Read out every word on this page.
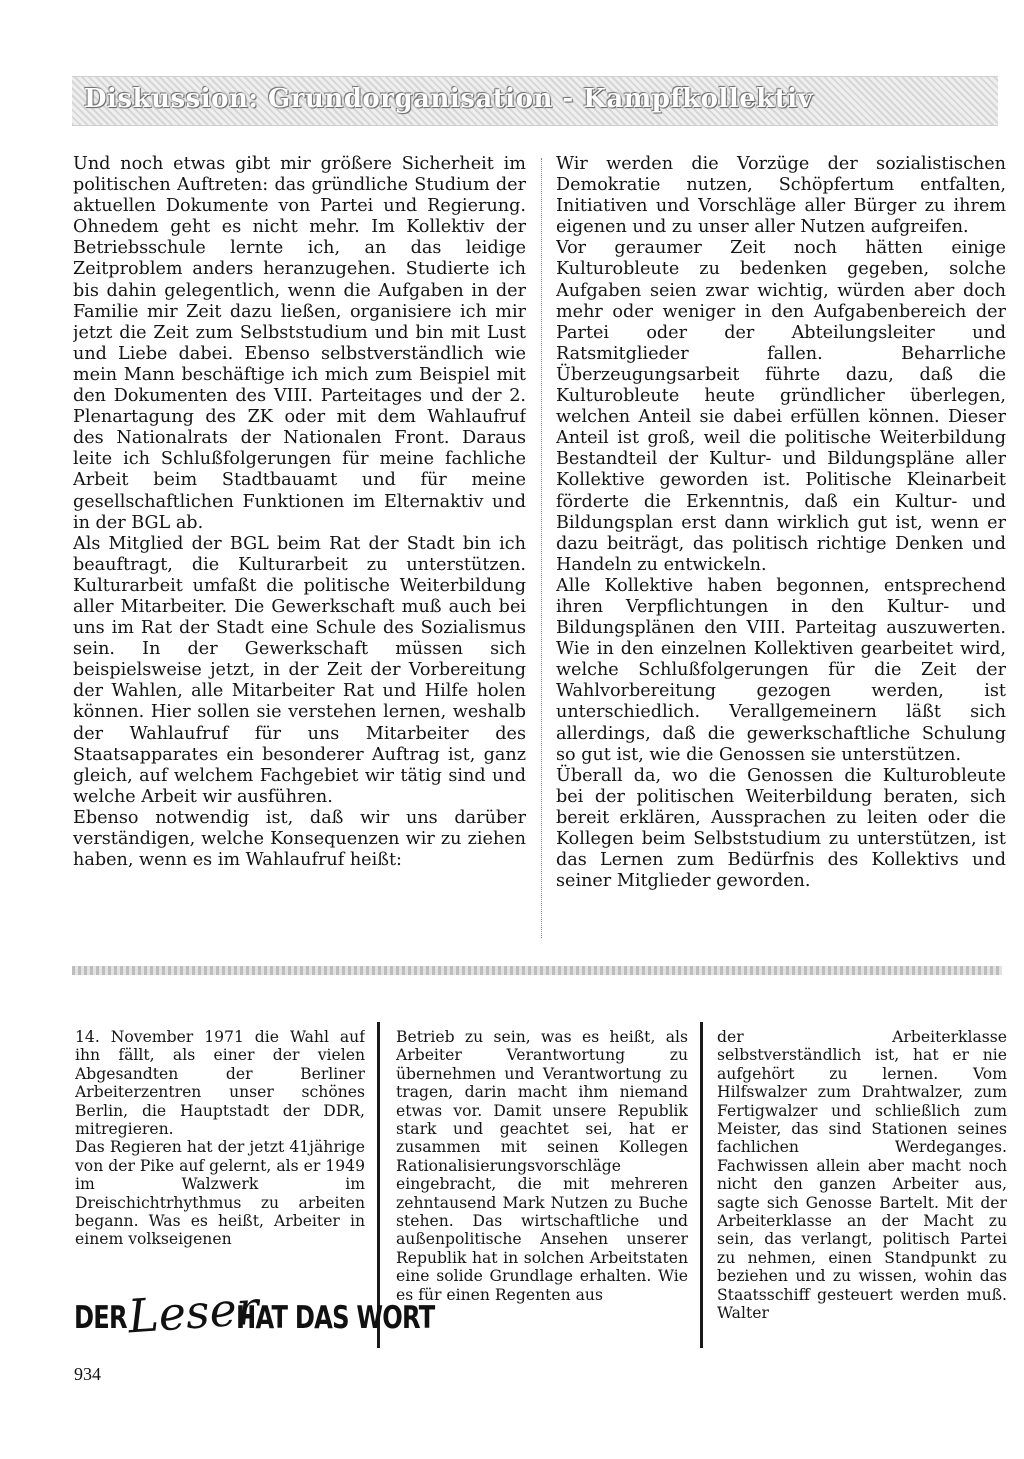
Diskussion: Grundorganisation - Kampfkollektiv

Und noch etwas gibt mir größere Sicherheit im politischen Auftreten: das gründliche Studium der aktuellen Dokumente von Partei und Regierung. Ohnedem geht es nicht mehr. Im Kollektiv der Betriebsschule lernte ich, an das leidige Zeitproblem anders heranzugehen. Studierte ich bis dahin gelegentlich, wenn die Aufgaben in der Familie mir Zeit dazu ließen, organisiere ich mir jetzt die Zeit zum Selbststudium und bin mit Lust und Liebe dabei. Ebenso selbstverständlich wie mein Mann beschäftige ich mich zum Beispiel mit den Dokumenten des VIII. Parteitages und der 2. Plenartagung des ZK oder mit dem Wahlaufruf des Nationalrats der Nationalen Front. Daraus leite ich Schlußfolgerungen für meine fachliche Arbeit beim Stadtbauamt und für meine gesellschaftlichen Funktionen im Elternaktiv und in der BGL ab.

Als Mitglied der BGL beim Rat der Stadt bin ich beauftragt, die Kulturarbeit zu unterstützen. Kulturarbeit umfaßt die politische Weiterbildung aller Mitarbeiter. Die Gewerkschaft muß auch bei uns im Rat der Stadt eine Schule des Sozialismus sein. In der Gewerkschaft müssen sich beispielsweise jetzt, in der Zeit der Vorbereitung der Wahlen, alle Mitarbeiter Rat und Hilfe holen können. Hier sollen sie verstehen lernen, weshalb der Wahlaufruf für uns Mitarbeiter des Staatsapparates ein besonderer Auftrag ist, ganz gleich, auf welchem Fachgebiet wir tätig sind und welche Arbeit wir ausführen.

Ebenso notwendig ist, daß wir uns darüber verständigen, welche Konsequenzen wir zu ziehen haben, wenn es im Wahlaufruf heißt:

Wir werden die Vorzüge der sozialistischen Demokratie nutzen, Schöpfertum entfalten, Initiativen und Vorschläge aller Bürger zu ihrem eigenen und zu unser aller Nutzen aufgreifen.

Vor geraumer Zeit noch hätten einige Kulturobleute zu bedenken gegeben, solche Aufgaben seien zwar wichtig, würden aber doch mehr oder weniger in den Aufgabenbereich der Partei oder der Abteilungsleiter und Ratsmitglieder fallen. Beharrliche Überzeugungsarbeit führte dazu, daß die Kulturobleute heute gründlicher überlegen, welchen Anteil sie dabei erfüllen können. Dieser Anteil ist groß, weil die politische Weiterbildung Bestandteil der Kultur- und Bildungspläne aller Kollektive geworden ist. Politische Kleinarbeit förderte die Erkenntnis, daß ein Kultur- und Bildungsplan erst dann wirklich gut ist, wenn er dazu beiträgt, das politisch richtige Denken und Handeln zu entwickeln.

Alle Kollektive haben begonnen, entsprechend ihren Verpflichtungen in den Kultur- und Bildungsplänen den VIII. Parteitag auszuwerten. Wie in den einzelnen Kollektiven gearbeitet wird, welche Schlußfolgerungen für die Zeit der Wahlvorbereitung gezogen werden, ist unterschiedlich. Verallgemeinern läßt sich allerdings, daß die gewerkschaftliche Schulung so gut ist, wie die Genossen sie unterstützen.

Überall da, wo die Genossen die Kulturobleute bei der politischen Weiterbildung beraten, sich bereit erklären, Aussprachen zu leiten oder die Kollegen beim Selbststudium zu unterstützen, ist das Lernen zum Bedürfnis des Kollektivs und seiner Mitglieder geworden.

14. November 1971 die Wahl auf ihn fällt, als einer der vielen Abgesandten der Berliner Arbeiterzentren unser schönes Berlin, die Hauptstadt der DDR, mitregieren.

Das Regieren hat der jetzt 41jährige von der Pike auf gelernt, als er 1949 im Walzwerk im Dreischichtrhythmus zu arbeiten begann. Was es heißt, Arbeiter in einem volkseigenen

Betrieb zu sein, was es heißt, als Arbeiter Verantwortung zu übernehmen und Verantwortung zu tragen, darin macht ihm niemand etwas vor. Damit unsere Republik stark und geachtet sei, hat er zusammen mit seinen Kollegen Rationalisierungsvorschläge eingebracht, die mit mehreren zehntausend Mark Nutzen zu Buche stehen. Das wirtschaftliche und außenpolitische Ansehen unserer Republik hat in solchen Arbeitstaten eine solide Grundlage erhalten. Wie es für einen Regenten aus

der Arbeiterklasse selbstverständlich ist, hat er nie aufgehört zu lernen. Vom Hilfswalzer zum Drahtwalzer, zum Fertigwalzer und schließlich zum Meister, das sind Stationen seines fachlichen Werdeganges. Fachwissen allein aber macht noch nicht den ganzen Arbeiter aus, sagte sich Genosse Bartelt. Mit der Arbeiterklasse an der Macht zu sein, das verlangt, politisch Partei zu nehmen, einen Standpunkt zu beziehen und zu wissen, wohin das Staatsschiff gesteuert werden muß. Walter

DER Leser
HAT DAS WORT
934
